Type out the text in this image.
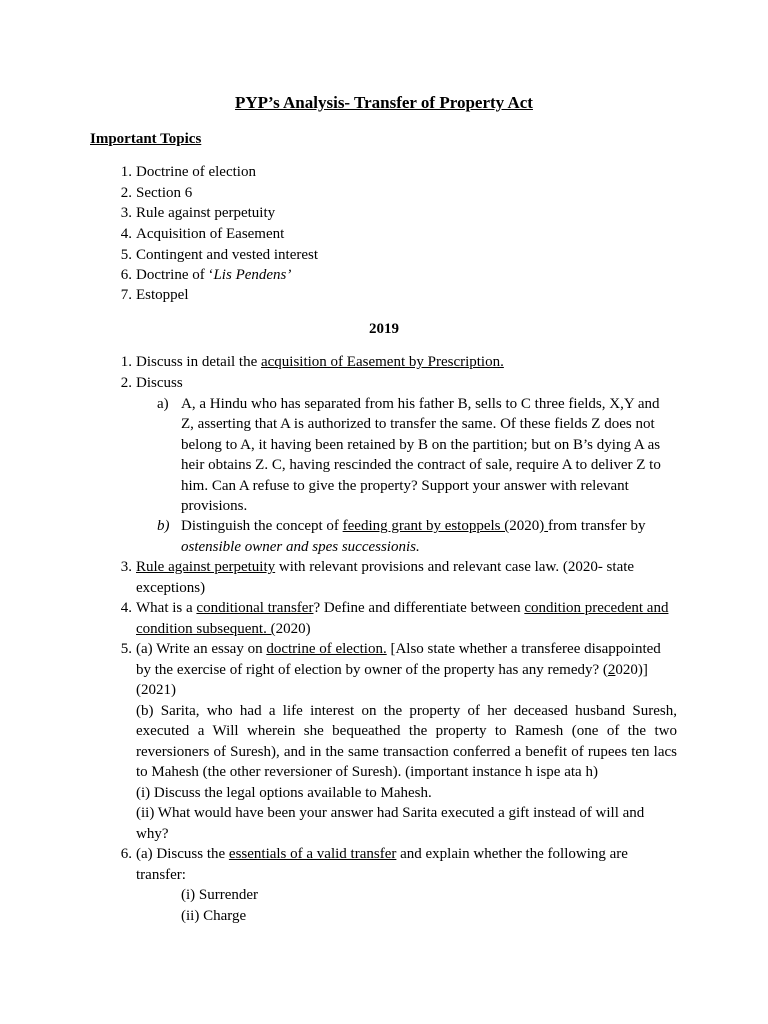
PYP’s Analysis- Transfer of Property Act
Important Topics
1. Doctrine of election
2. Section 6
3. Rule against perpetuity
4. Acquisition of Easement
5. Contingent and vested interest
6. Doctrine of ‘Lis Pendens’
7. Estoppel
2019
1. Discuss in detail the acquisition of Easement by Prescription.
2. Discuss
a) A, a Hindu who has separated from his father B, sells to C three fields, X,Y and
Z, asserting that A is authorized to transfer the same. Of these fields Z does not
belong to A, it having been retained by B on the partition; but on B’s dying A as
heir obtains Z. C, having rescinded the contract of sale, require A to deliver Z to
him. Can A refuse to give the property? Support your answer with relevant
provisions.
b) Distinguish the concept of feeding grant by estoppels (2020) from transfer by
ostensible owner and spes successionis.
3. Rule against perpetuity with relevant provisions and relevant case law. (2020- state
exceptions)
4. What is a conditional transfer? Define and differentiate between condition precedent and
condition subsequent. (2020)
5. (a) Write an essay on doctrine of election. [Also state whether a transferee disappointed
by the exercise of right of election by owner of the property has any remedy? (2020)]
(2021)
(b) Sarita, who had a life interest on the property of her deceased husband Suresh,
executed a Will wherein she bequeathed the property to Ramesh (one of the two
reversioners of Suresh), and in the same transaction conferred a benefit of rupees ten lacs
to Mahesh (the other reversioner of Suresh). (important instance h ispe ata h)
(i) Discuss the legal options available to Mahesh.
(ii) What would have been your answer had Sarita executed a gift instead of will and
why?
6. (a) Discuss the essentials of a valid transfer and explain whether the following are
transfer:
(i) Surrender
(ii) Charge
